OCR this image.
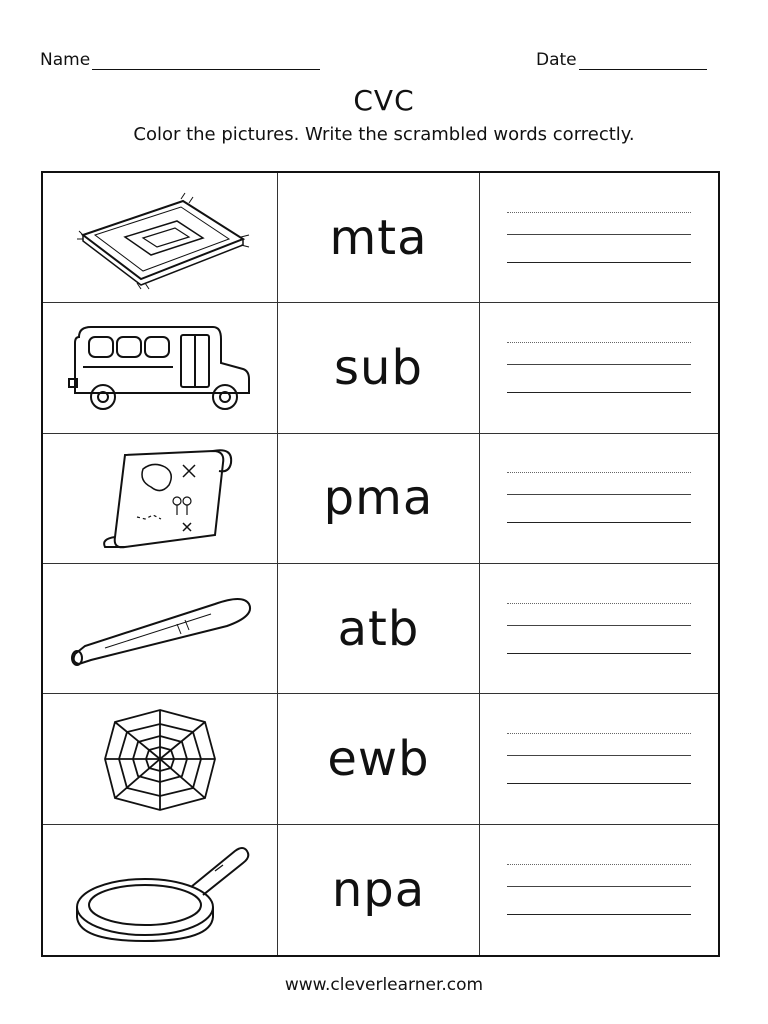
Name	Date
CVC
Color the pictures. Write the scrambled words correctly.
mta
sub
pma
atb
ewb
npa
www.cleverlearner.com
